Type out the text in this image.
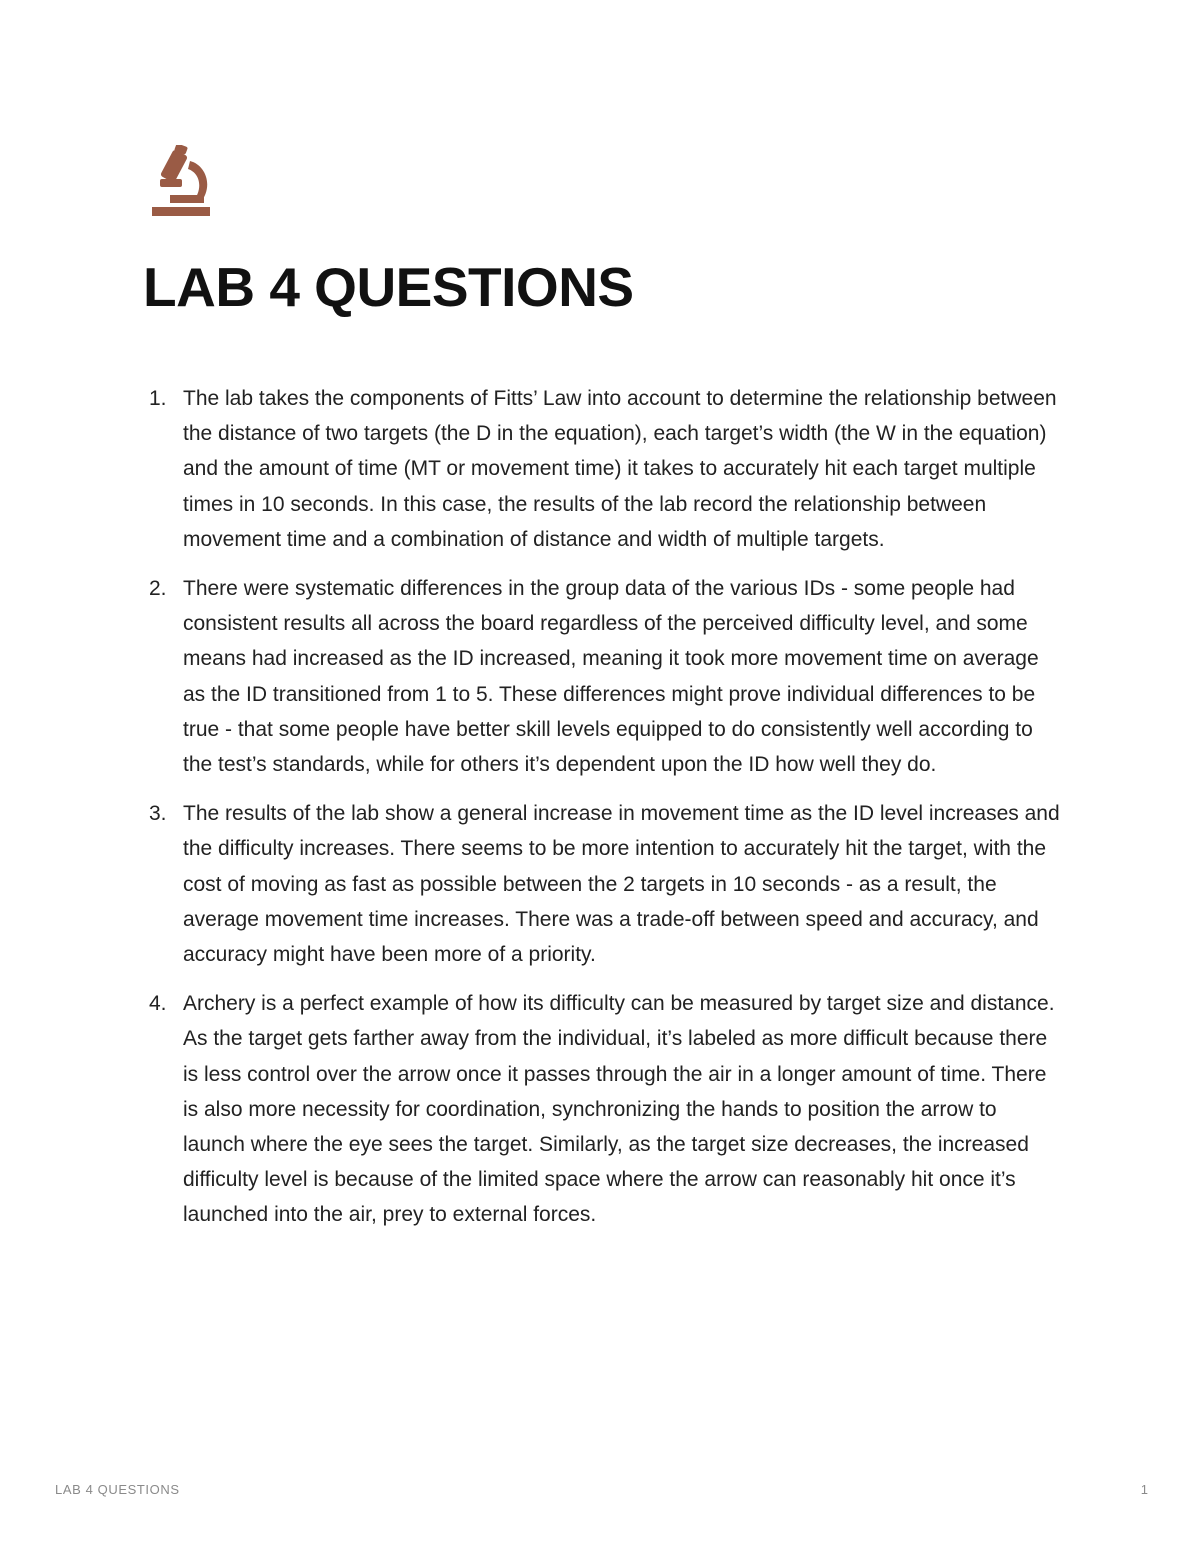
LAB 4 QUESTIONS
1. The lab takes the components of Fitts’ Law into account to determine the relationship between the distance of two targets (the D in the equation), each target’s width (the W in the equation) and the amount of time (MT or movement time) it takes to accurately hit each target multiple times in 10 seconds. In this case, the results of the lab record the relationship between movement time and a combination of distance and width of multiple targets.
2. There were systematic differences in the group data of the various IDs - some people had consistent results all across the board regardless of the perceived difficulty level, and some means had increased as the ID increased, meaning it took more movement time on average as the ID transitioned from 1 to 5. These differences might prove individual differences to be true - that some people have better skill levels equipped to do consistently well according to the test’s standards, while for others it’s dependent upon the ID how well they do.
3. The results of the lab show a general increase in movement time as the ID level increases and the difficulty increases. There seems to be more intention to accurately hit the target, with the cost of moving as fast as possible between the 2 targets in 10 seconds - as a result, the average movement time increases. There was a trade-off between speed and accuracy, and accuracy might have been more of a priority.
4. Archery is a perfect example of how its difficulty can be measured by target size and distance. As the target gets farther away from the individual, it’s labeled as more difficult because there is less control over the arrow once it passes through the air in a longer amount of time. There is also more necessity for coordination, synchronizing the hands to position the arrow to launch where the eye sees the target. Similarly, as the target size decreases, the increased difficulty level is because of the limited space where the arrow can reasonably hit once it’s launched into the air, prey to external forces.
LAB 4 QUESTIONS	1
